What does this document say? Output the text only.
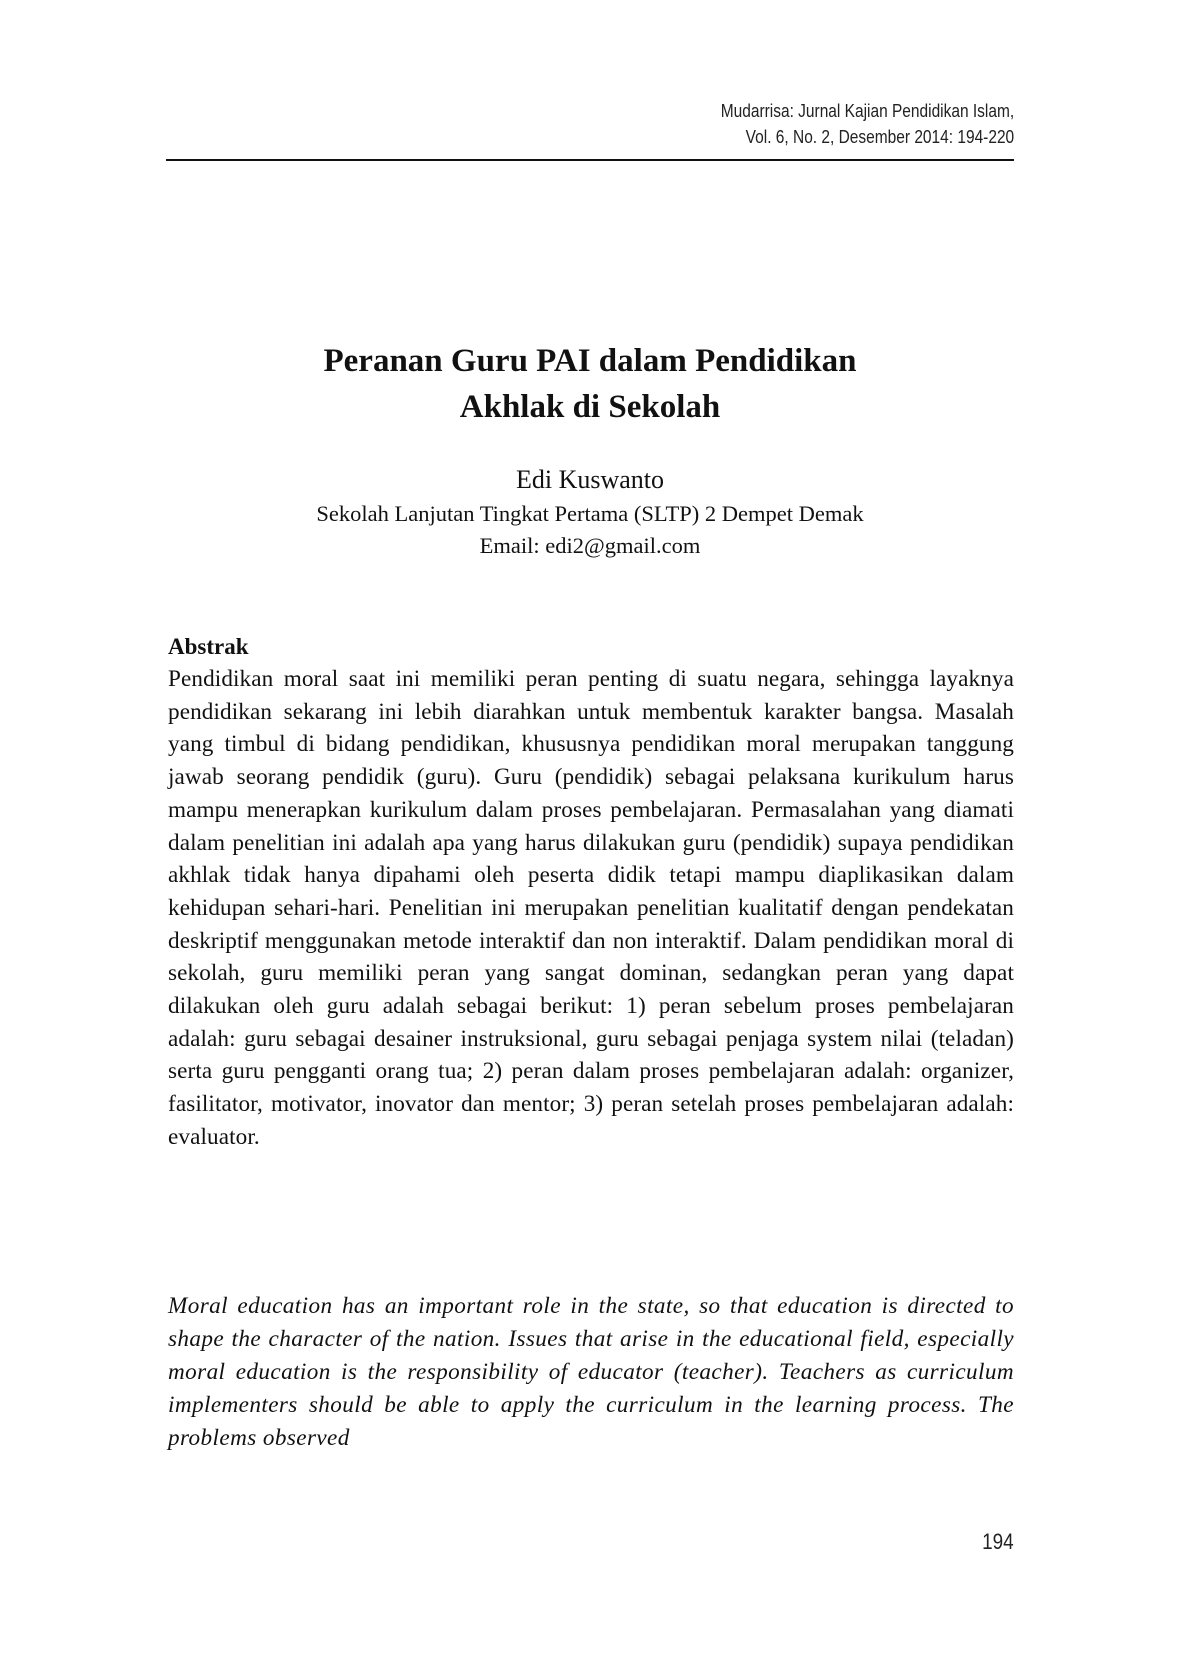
Mudarrisa: Jurnal Kajian Pendidikan Islam,
Vol. 6, No. 2, Desember 2014: 194-220
Peranan Guru PAI dalam Pendidikan
Akhlak di Sekolah
Edi Kuswanto
Sekolah Lanjutan Tingkat Pertama (SLTP) 2 Dempet Demak
Email: edi2@gmail.com
Abstrak

Pendidikan moral saat ini memiliki peran penting di suatu negara, sehingga layaknya pendidikan sekarang ini lebih diarahkan untuk membentuk karakter bangsa. Masalah yang timbul di bidang pendidikan, khususnya pendidikan moral merupakan tanggung jawab seorang pendidik (guru). Guru (pendidik) sebagai pelaksana kurikulum harus mampu menerapkan kurikulum dalam proses pembelajaran. Permasalahan yang diamati dalam penelitian ini adalah apa yang harus dilakukan guru (pendidik) supaya pendidikan akhlak tidak hanya dipahami oleh peserta didik tetapi mampu diaplikasikan dalam kehidupan sehari-hari. Penelitian ini merupakan penelitian kualitatif dengan pendekatan deskriptif menggunakan metode interaktif dan non interaktif. Dalam pendidikan moral di sekolah, guru memiliki peran yang sangat dominan, sedangkan peran yang dapat dilakukan oleh guru adalah sebagai berikut: 1) peran sebelum proses pembelajaran adalah: guru sebagai desainer instruksional, guru sebagai penjaga system nilai (teladan) serta guru pengganti orang tua; 2) peran dalam proses pembelajaran adalah: organizer, fasilitator, motivator, inovator dan mentor; 3) peran setelah proses pembelajaran adalah: evaluator.

Moral education has an important role in the state, so that education is directed to shape the character of the nation. Issues that arise in the educational field, especially moral education is the responsibility of educator (teacher). Teachers as curriculum implementers should be able to apply the curriculum in the learning process. The problems observed

194
